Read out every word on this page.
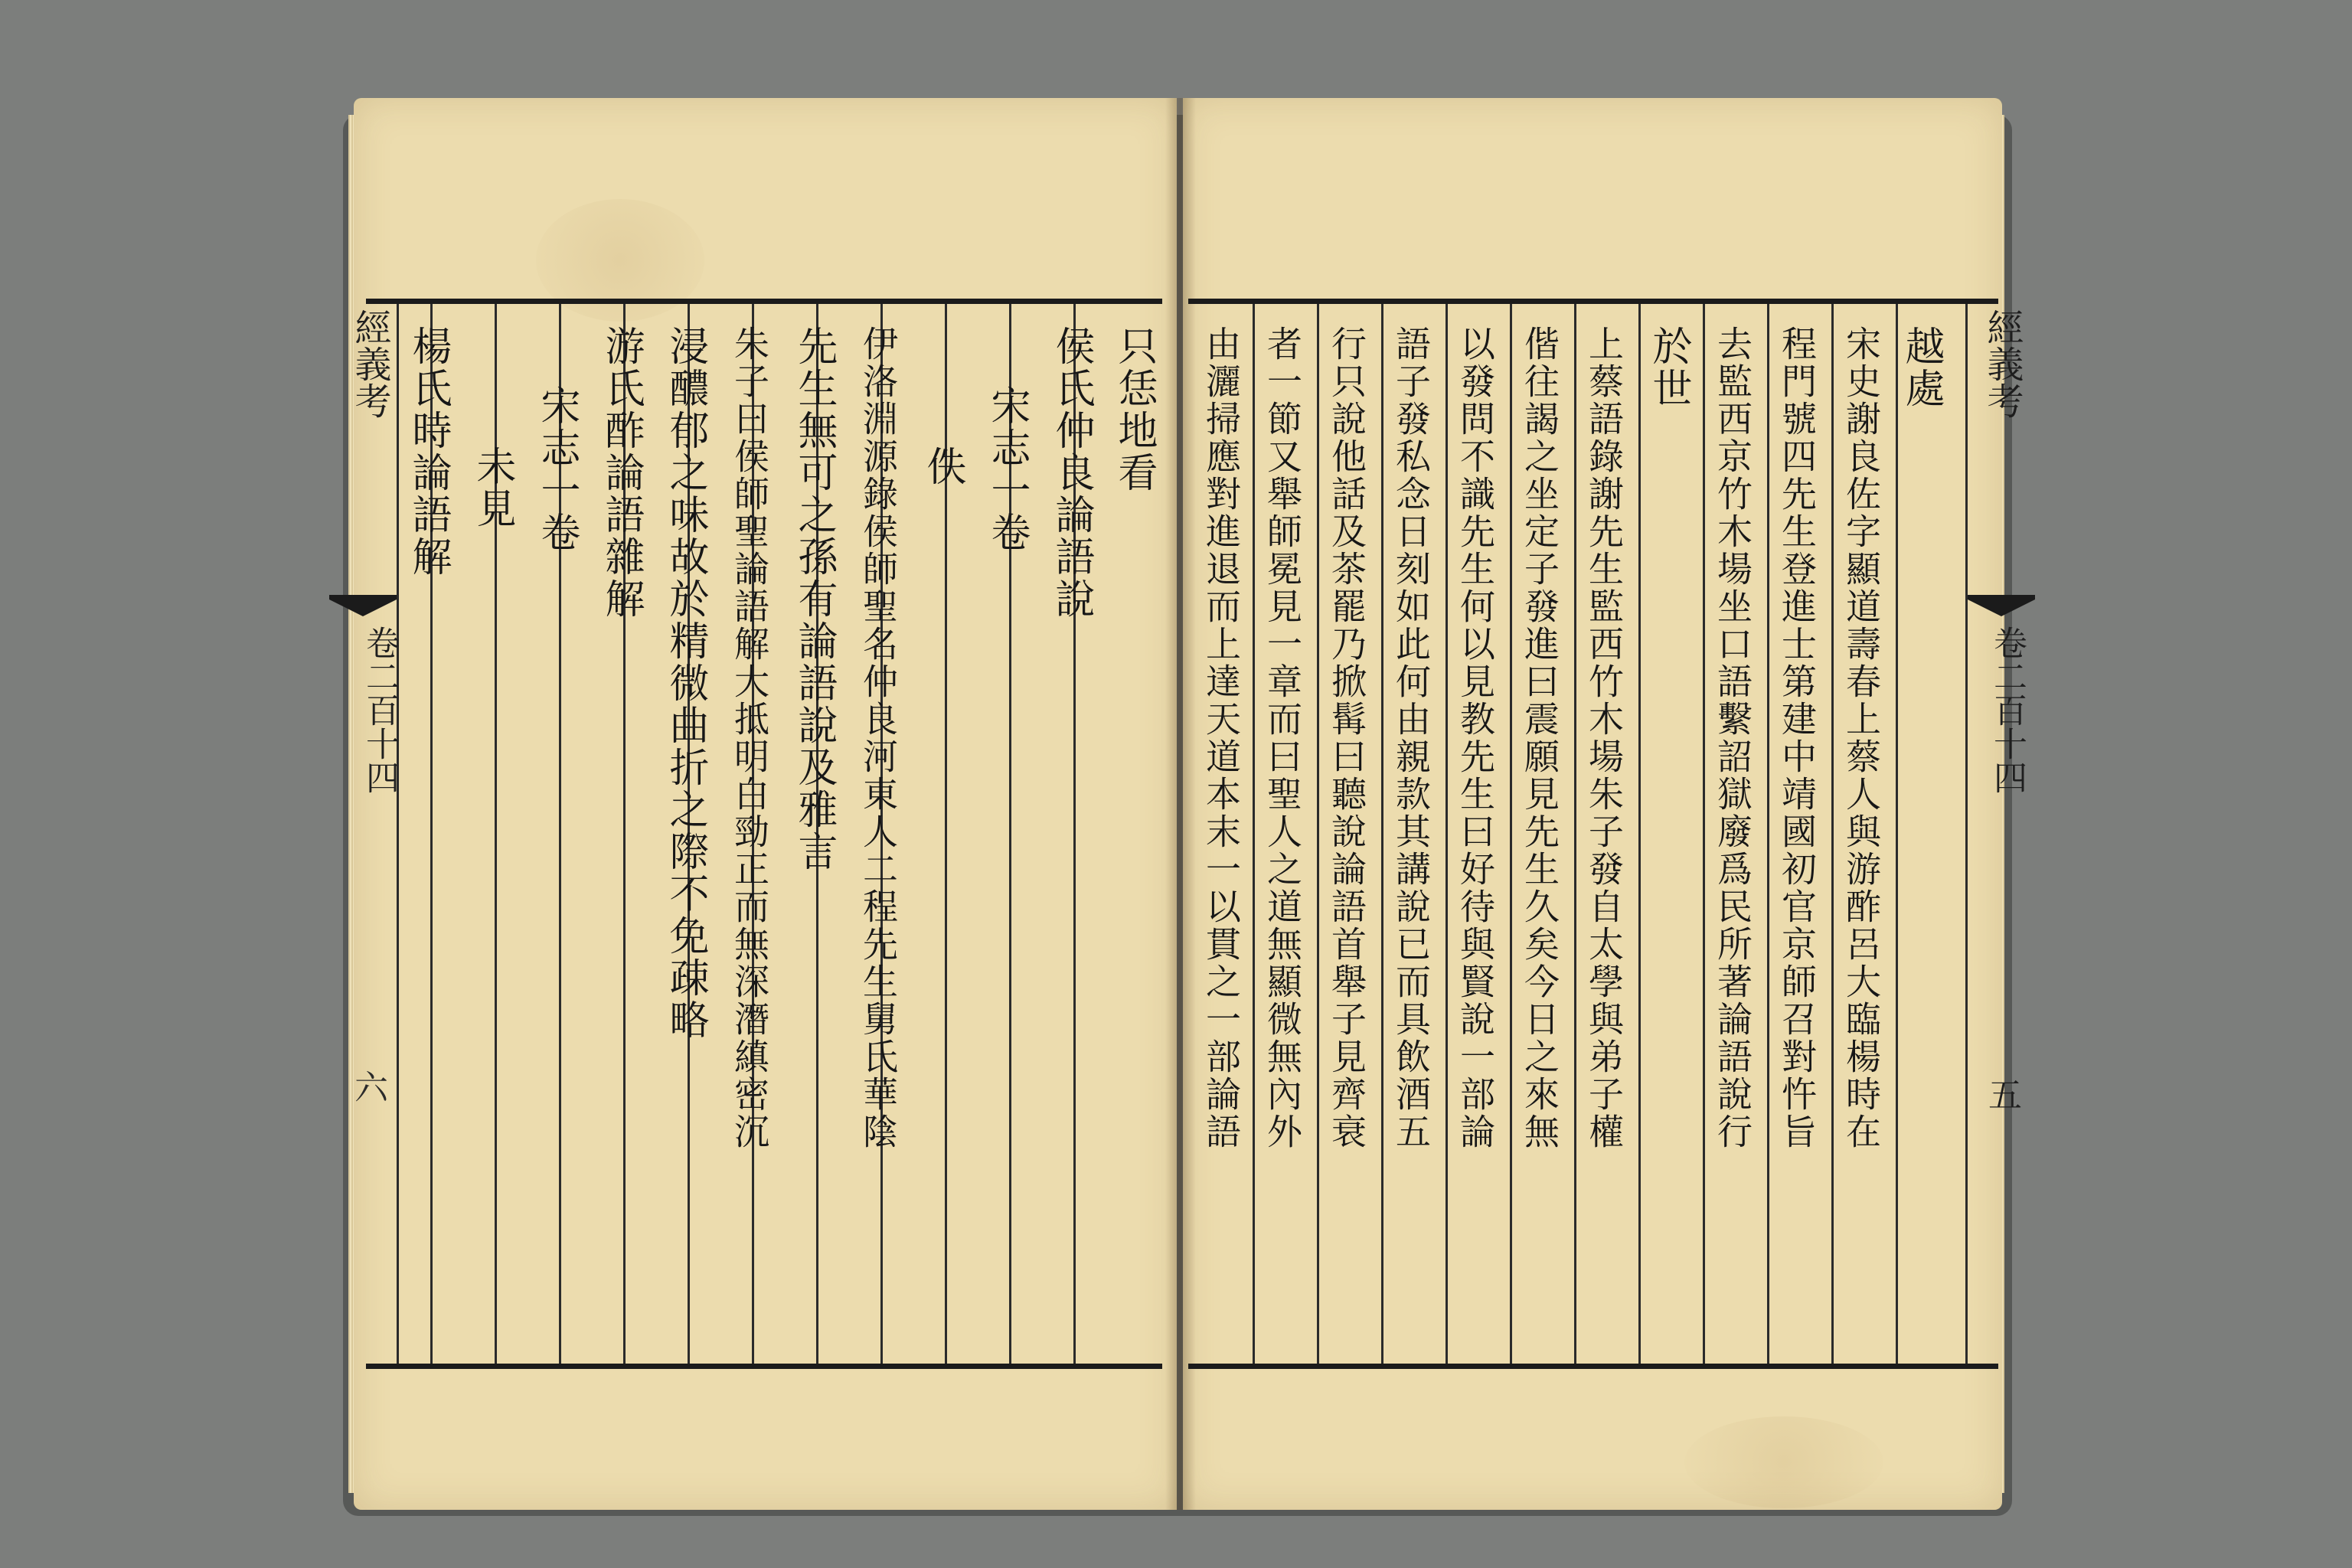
經義考
卷二百十四
六
只恁地看
侯氏仲良論語說
宋志一卷
佚
伊洛淵源錄侯師聖名仲良河東人二程先生舅氏華陰
先生無可之孫有論語說及雅言
朱子曰侯師聖論語解大抵明白勁正而無深潛縝密沉
浸醲郁之味故於精微曲折之際不免疎略
游氏酢論語雜解
宋志一卷
未見
楊氏時論語解	經義考
卷二百十四
五
越處
宋史謝良佐字顯道壽春上蔡人與游酢呂大臨楊時在
程門號四先生登進士第建中靖國初官京師召對忤旨
去監西京竹木場坐口語繫詔獄廢爲民所著論語說行
於世
上蔡語錄謝先生監西竹木場朱子發自太學與弟子權
偕往謁之坐定子發進曰震願見先生久矣今日之來無
以發問不識先生何以見教先生曰好待與賢說一部論
語子發私念日刻如此何由親款其講說已而具飲酒五
行只說他話及茶罷乃掀髯曰聽說論語首舉子見齊衰
者一節又舉師冕見一章而曰聖人之道無顯微無內外
由灑掃應對進退而上達天道本末一以貫之一部論語
